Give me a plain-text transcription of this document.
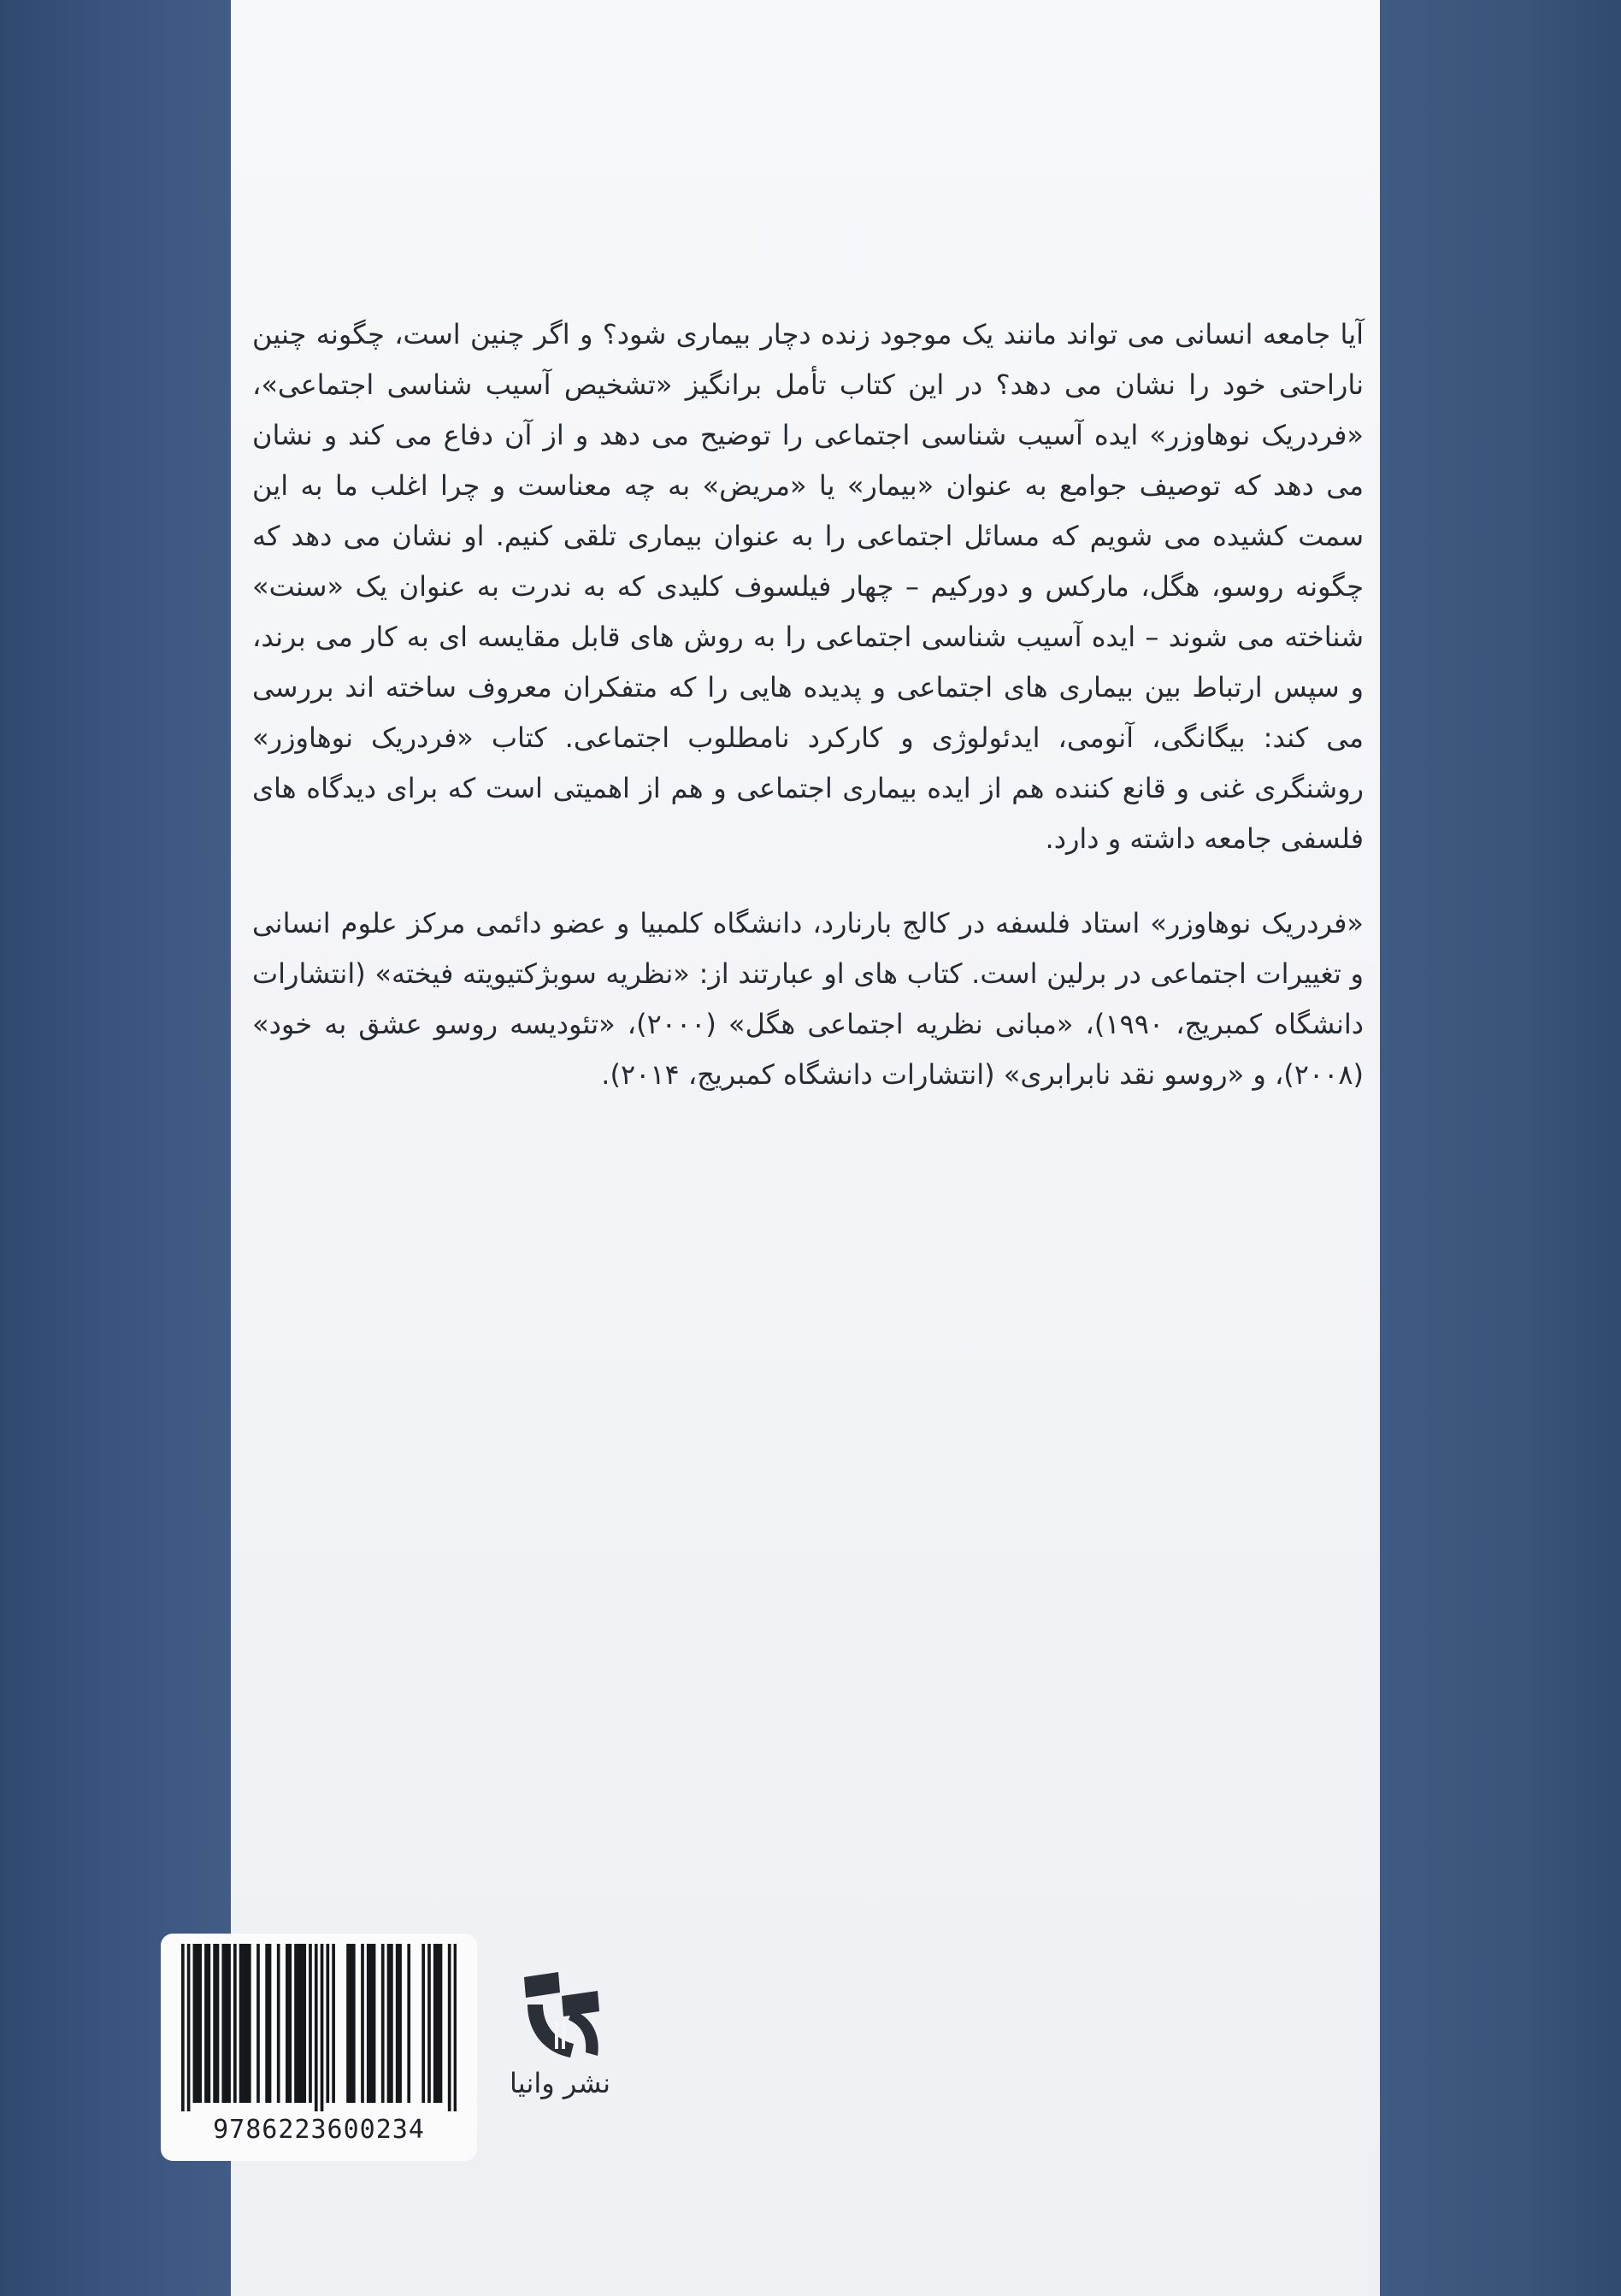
آیا جامعه انسانی می تواند مانند یک موجود زنده دچار بیماری شود؟ و اگر چنین است، چگونه چنین ناراحتی خود را نشان می دهد؟ در این کتاب تأمل برانگیز «تشخیص آسیب شناسی اجتماعی»، «فردریک نوهاوزر» ایده آسیب شناسی اجتماعی را توضیح می دهد و از آن دفاع می کند و نشان می دهد که توصیف جوامع به عنوان «بیمار» یا «مریض» به چه معناست و چرا اغلب ما به این سمت کشیده می شویم که مسائل اجتماعی را به عنوان بیماری تلقی کنیم. او نشان می دهد که چگونه روسو، هگل، مارکس و دورکیم – چهار فیلسوف کلیدی که به ندرت به عنوان یک «سنت» شناخته می شوند – ایده آسیب شناسی اجتماعی را به روش های قابل مقایسه ای به کار می برند، و سپس ارتباط بین بیماری های اجتماعی و پدیده هایی را که متفکران معروف ساخته اند بررسی می کند: بیگانگی، آنومی، ایدئولوژی و کارکرد نامطلوب اجتماعی. کتاب «فردریک نوهاوزر» روشنگری غنی و قانع کننده هم از ایده بیماری اجتماعی و هم از اهمیتی است که برای دیدگاه های فلسفی جامعه داشته و دارد.

«فردریک نوهاوزر» استاد فلسفه در کالج بارنارد، دانشگاه کلمبیا و عضو دائمی مرکز علوم انسانی و تغییرات اجتماعی در برلین است. کتاب های او عبارتند از: «نظریه سوبژکتیویته فیخته» (انتشارات دانشگاه کمبریج، ۱۹۹۰)، «مبانی نظریه اجتماعی هگل» (۲۰۰۰)، «تئودیسه روسو عشق به خود» (۲۰۰۸)، و «روسو نقد نابرابری» (انتشارات دانشگاه کمبریج، ۲۰۱۴).

9786223600234
نشر وانیا
